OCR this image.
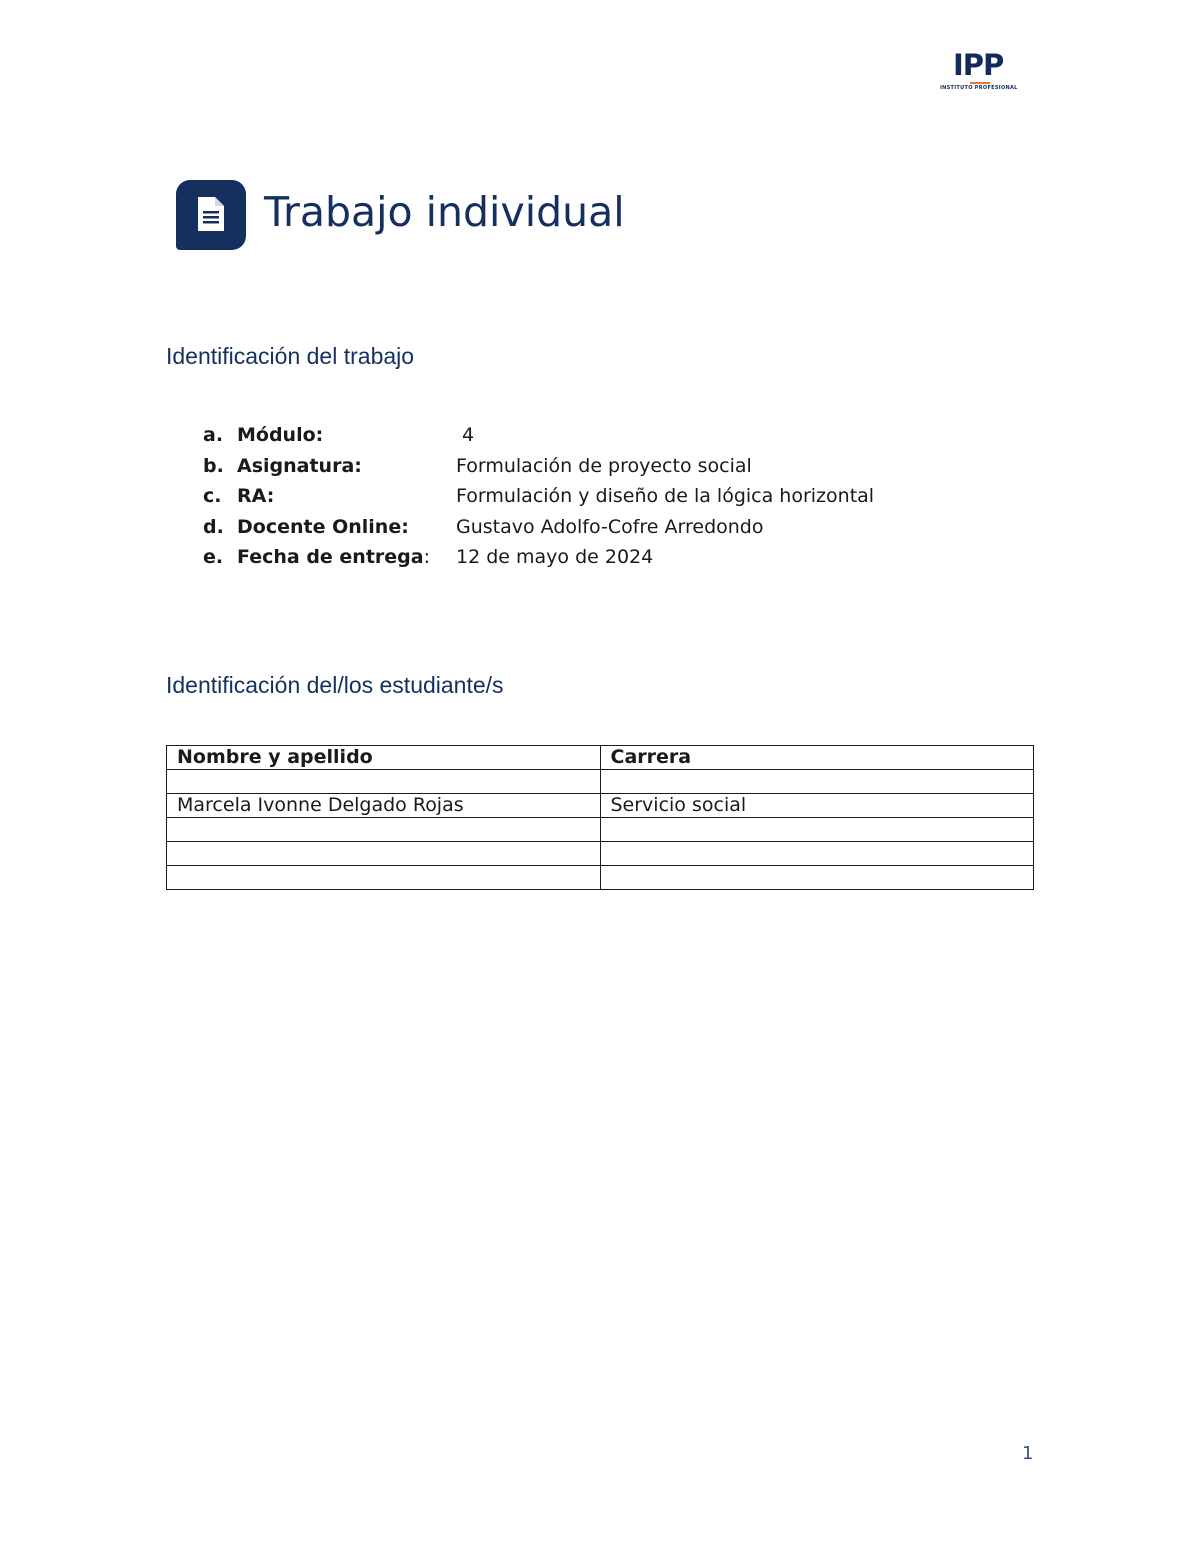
IPP
INSTITUTO PROFESIONAL
Trabajo individual
Identificación del trabajo
a. Módulo:	4
b. Asignatura:	Formulación de proyecto social
c. RA:	Formulación y diseño de la lógica horizontal
d. Docente Online:	Gustavo Adolfo-Cofre Arredondo
e. Fecha de entrega:	12 de mayo de 2024
Identificación del/los estudiante/s
Nombre y apellido	Carrera

Marcela Ivonne Delgado Rojas	Servicio social

1
